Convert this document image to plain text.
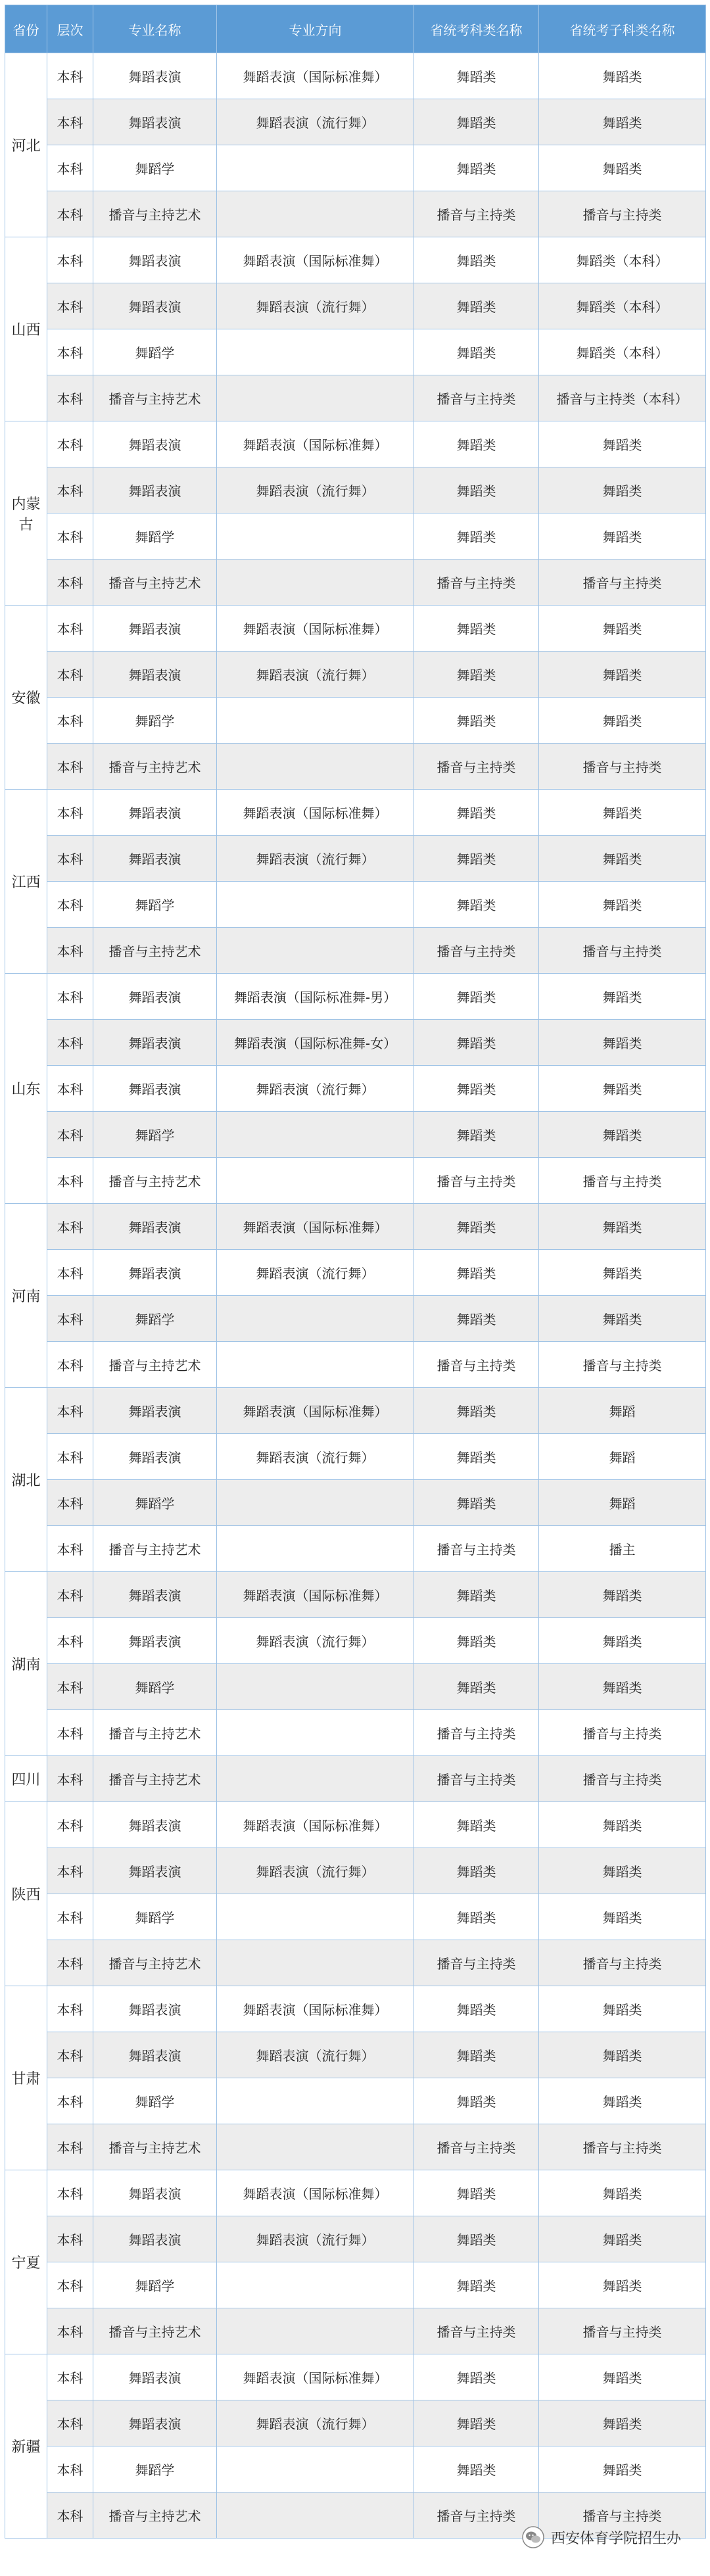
省份	层次	专业名称	专业方向	省统考科类名称	省统考子科类名称
河北	本科	舞蹈表演	舞蹈表演（国际标准舞）	舞蹈类	舞蹈类
	本科	舞蹈表演	舞蹈表演（流行舞）	舞蹈类	舞蹈类
	本科	舞蹈学		舞蹈类	舞蹈类
	本科	播音与主持艺术		播音与主持类	播音与主持类
山西	本科	舞蹈表演	舞蹈表演（国际标准舞）	舞蹈类	舞蹈类（本科）
	本科	舞蹈表演	舞蹈表演（流行舞）	舞蹈类	舞蹈类（本科）
	本科	舞蹈学		舞蹈类	舞蹈类（本科）
	本科	播音与主持艺术		播音与主持类	播音与主持类（本科）
内蒙古	本科	舞蹈表演	舞蹈表演（国际标准舞）	舞蹈类	舞蹈类
	本科	舞蹈表演	舞蹈表演（流行舞）	舞蹈类	舞蹈类
	本科	舞蹈学		舞蹈类	舞蹈类
	本科	播音与主持艺术		播音与主持类	播音与主持类
安徽	本科	舞蹈表演	舞蹈表演（国际标准舞）	舞蹈类	舞蹈类
	本科	舞蹈表演	舞蹈表演（流行舞）	舞蹈类	舞蹈类
	本科	舞蹈学		舞蹈类	舞蹈类
	本科	播音与主持艺术		播音与主持类	播音与主持类
江西	本科	舞蹈表演	舞蹈表演（国际标准舞）	舞蹈类	舞蹈类
	本科	舞蹈表演	舞蹈表演（流行舞）	舞蹈类	舞蹈类
	本科	舞蹈学		舞蹈类	舞蹈类
	本科	播音与主持艺术		播音与主持类	播音与主持类
山东	本科	舞蹈表演	舞蹈表演（国际标准舞-男）	舞蹈类	舞蹈类
	本科	舞蹈表演	舞蹈表演（国际标准舞-女）	舞蹈类	舞蹈类
	本科	舞蹈表演	舞蹈表演（流行舞）	舞蹈类	舞蹈类
	本科	舞蹈学		舞蹈类	舞蹈类
	本科	播音与主持艺术		播音与主持类	播音与主持类
河南	本科	舞蹈表演	舞蹈表演（国际标准舞）	舞蹈类	舞蹈类
	本科	舞蹈表演	舞蹈表演（流行舞）	舞蹈类	舞蹈类
	本科	舞蹈学		舞蹈类	舞蹈类
	本科	播音与主持艺术		播音与主持类	播音与主持类
湖北	本科	舞蹈表演	舞蹈表演（国际标准舞）	舞蹈类	舞蹈
	本科	舞蹈表演	舞蹈表演（流行舞）	舞蹈类	舞蹈
	本科	舞蹈学		舞蹈类	舞蹈
	本科	播音与主持艺术		播音与主持类	播主
湖南	本科	舞蹈表演	舞蹈表演（国际标准舞）	舞蹈类	舞蹈类
	本科	舞蹈表演	舞蹈表演（流行舞）	舞蹈类	舞蹈类
	本科	舞蹈学		舞蹈类	舞蹈类
	本科	播音与主持艺术		播音与主持类	播音与主持类
四川	本科	播音与主持艺术		播音与主持类	播音与主持类
陕西	本科	舞蹈表演	舞蹈表演（国际标准舞）	舞蹈类	舞蹈类
	本科	舞蹈表演	舞蹈表演（流行舞）	舞蹈类	舞蹈类
	本科	舞蹈学		舞蹈类	舞蹈类
	本科	播音与主持艺术		播音与主持类	播音与主持类
甘肃	本科	舞蹈表演	舞蹈表演（国际标准舞）	舞蹈类	舞蹈类
	本科	舞蹈表演	舞蹈表演（流行舞）	舞蹈类	舞蹈类
	本科	舞蹈学		舞蹈类	舞蹈类
	本科	播音与主持艺术		播音与主持类	播音与主持类
宁夏	本科	舞蹈表演	舞蹈表演（国际标准舞）	舞蹈类	舞蹈类
	本科	舞蹈表演	舞蹈表演（流行舞）	舞蹈类	舞蹈类
	本科	舞蹈学		舞蹈类	舞蹈类
	本科	播音与主持艺术		播音与主持类	播音与主持类
新疆	本科	舞蹈表演	舞蹈表演（国际标准舞）	舞蹈类	舞蹈类
	本科	舞蹈表演	舞蹈表演（流行舞）	舞蹈类	舞蹈类
	本科	舞蹈学		舞蹈类	舞蹈类
	本科	播音与主持艺术		播音与主持类	播音与主持类
西安体育学院招生办
